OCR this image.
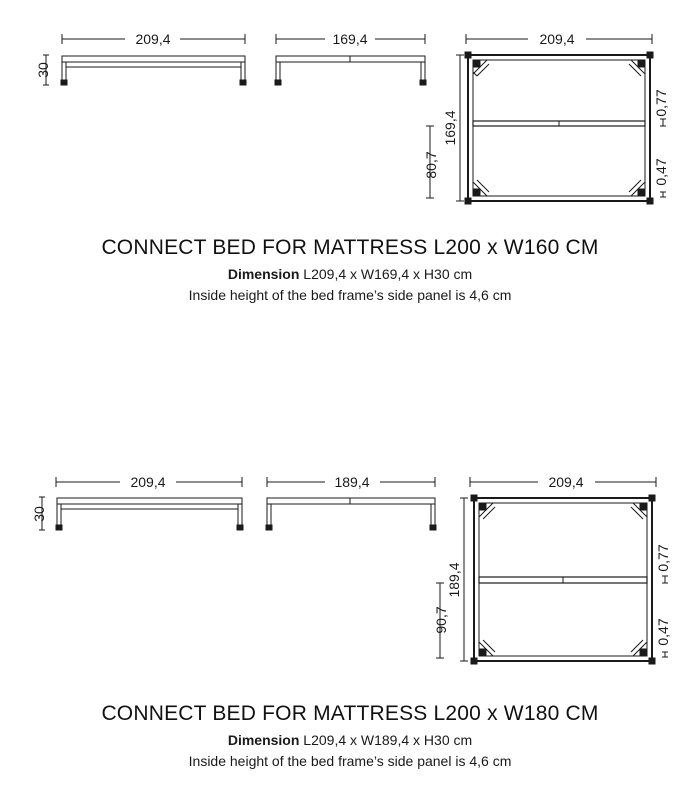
209,4	169,4	209,4
30
169,4
80,7
0,77
0,47
CONNECT BED FOR MATTRESS L200 x W160 CM
Dimension L209,4 x W169,4 x H30 cm
Inside height of the bed frame’s side panel is 4,6 cm
209,4	189,4	209,4
30
189,4
90,7
0,77
0,47
CONNECT BED FOR MATTRESS L200 x W180 CM
Dimension L209,4 x W189,4 x H30 cm
Inside height of the bed frame’s side panel is 4,6 cm
